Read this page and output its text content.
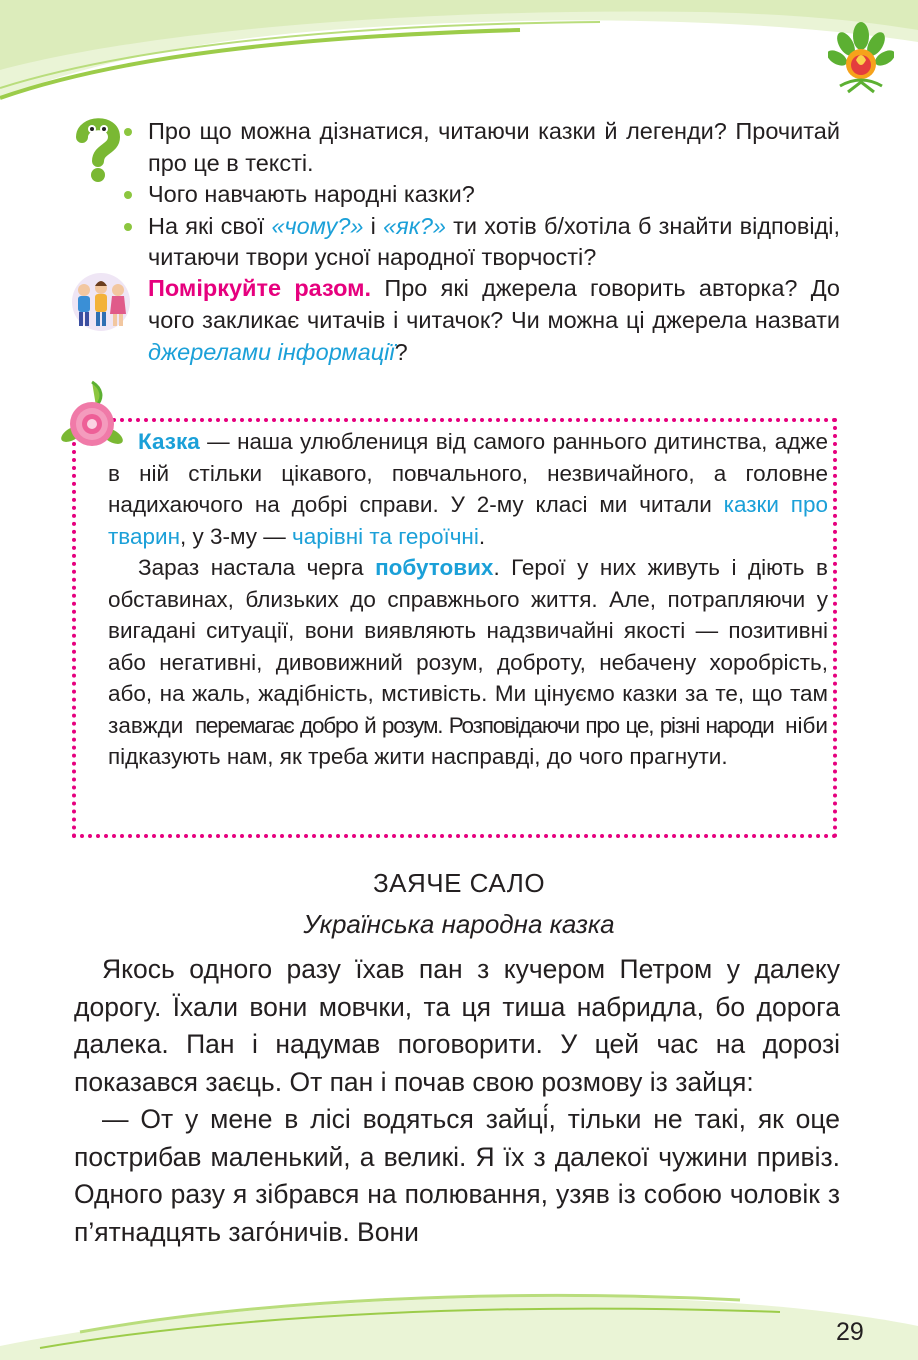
Про що можна дізнатися, читаючи казки й легенди? Прочитай про це в тексті.
Чого навчають народні казки?
На які свої «чому?» і «як?» ти хотів б/хотіла б знайти відповіді, читаючи твори усної народної творчості?

Поміркуйте разом. Про які джерела говорить авторка? До чого закликає читачів і читачок? Чи можна ці джерела назвати джерелами інформації?

Казка — наша улюблениця від самого раннього дитинства, адже в ній стільки цікавого, повчального, незвичайного, а головне надихаючого на добрі справи. У 2-му класі ми читали казки про тварин, у 3-му — чарівні та героїчні.

Зараз настала черга побутових. Герої у них живуть і діють в обставинах, близьких до справжнього життя. Але, потрапляючи у вигадані ситуації, вони виявляють надзвичайні якості — позитивні або негативні, дивовижний розум, доброту, небачену хоробрість, або, на жаль, жадібність, мстивість. Ми цінуємо казки за те, що там завжди перемагає добро й розум. Розповідаючи про це, різні народи ніби підказують нам, як треба жити насправді, до чого прагнути.

ЗАЯЧЕ САЛО
Українська народна казка

Якось одного разу їхав пан з кучером Петром у далеку дорогу. Їхали вони мовчки, та ця тиша набридла, бо дорога далека. Пан і надумав поговорити. У цей час на дорозі показався заєць. От пан і почав свою розмову із зайця:

— От у мене в лісі водяться зайці́, тільки не такі, як оце пострибав маленький, а великі. Я їх з далекої чужини привіз. Одного разу я зібрався на полювання, узяв із собою чоловік з п’ятнадцять заго́ничів. Вони

29
